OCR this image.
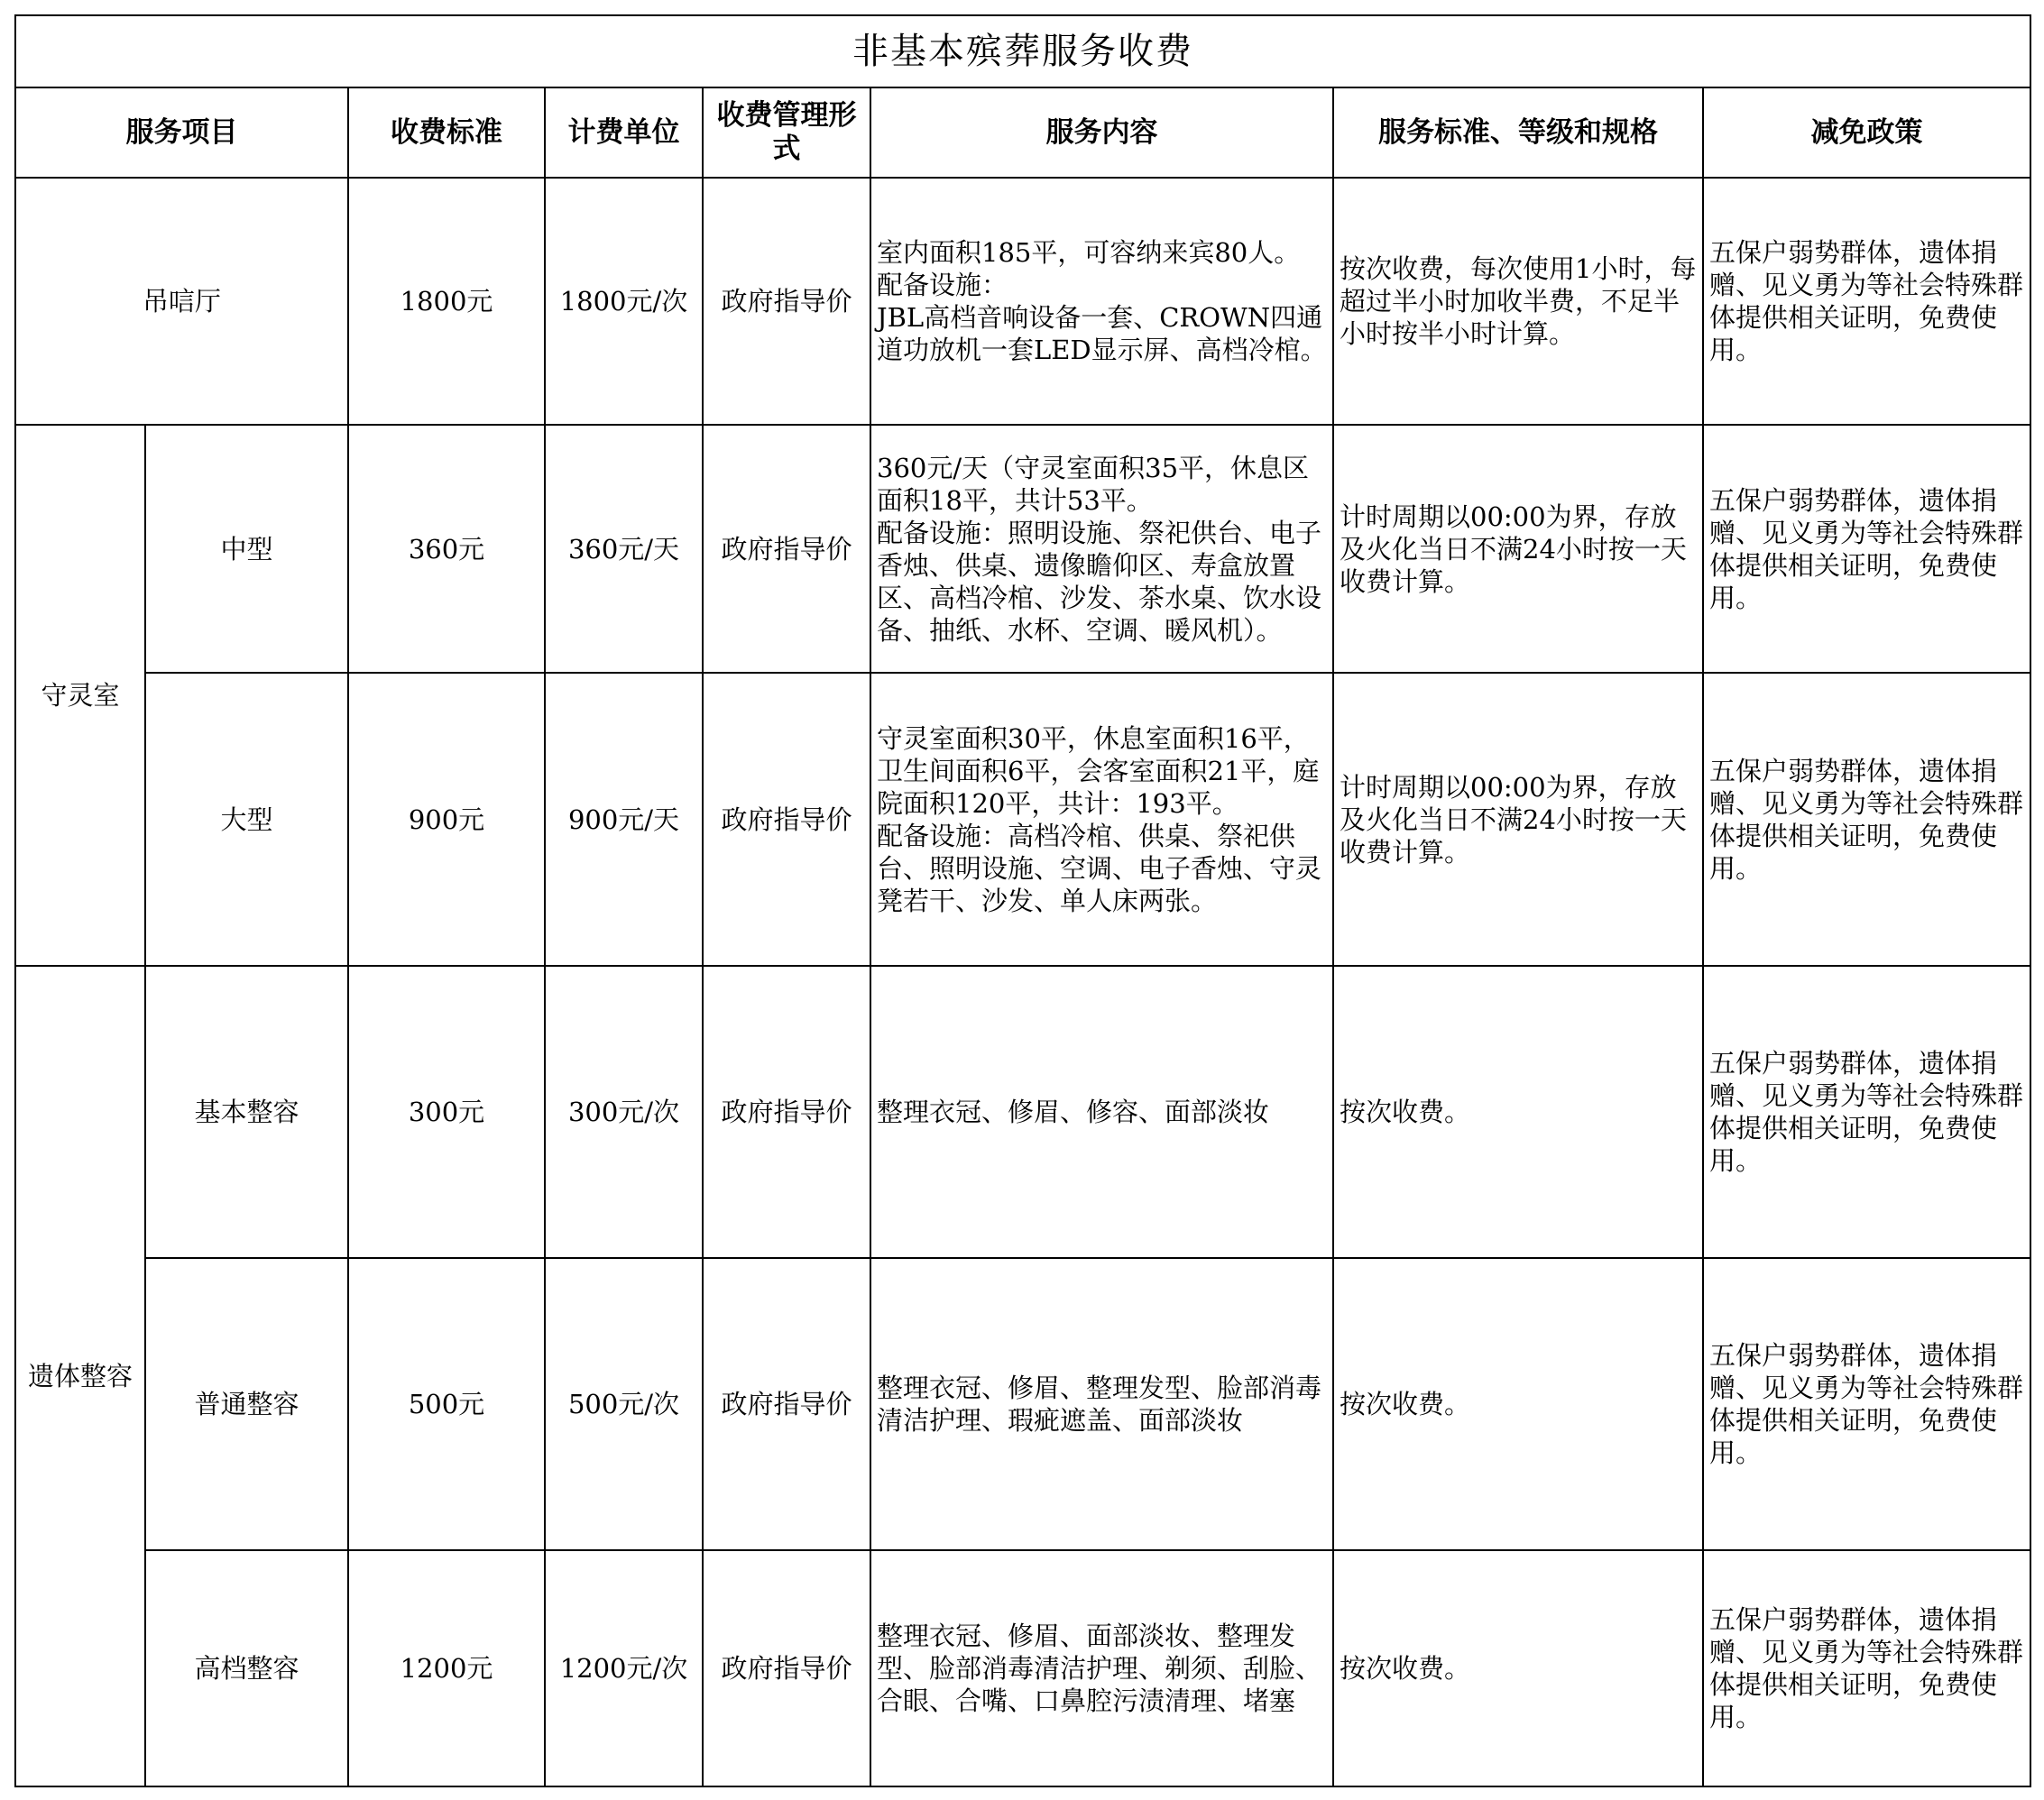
非基本殡葬服务收费							
服务项目		收费标准	计费单位	收费管理形式	服务内容	服务标准、等级和规格	减免政策
吊唁厅		1800元	1800元/次	政府指导价	室内面积185平，可容纳来宾80人。
配备设施：
JBL高档音响设备一套、CROWN四通道功放机一套LED显示屏、高档冷棺。	按次收费，每次使用1小时，每超过半小时加收半费，不足半小时按半小时计算。	五保户弱势群体，遗体捐赠、见义勇为等社会特殊群体提供相关证明，免费使用。
守灵室	中型	360元	360元/天	政府指导价	360元/天（守灵室面积35平，休息区面积18平，共计53平。
配备设施：照明设施、祭祀供台、电子香烛、供桌、遗像瞻仰区、寿盒放置区、高档冷棺、沙发、茶水桌、饮水设备、抽纸、水杯、空调、暖风机）。	计时周期以00:00为界，存放及火化当日不满24小时按一天收费计算。	五保户弱势群体，遗体捐赠、见义勇为等社会特殊群体提供相关证明，免费使用。
	大型	900元	900元/天	政府指导价	守灵室面积30平，休息室面积16平，卫生间面积6平，会客室面积21平，庭院面积120平，共计：193平。
配备设施：高档冷棺、供桌、祭祀供台、照明设施、空调、电子香烛、守灵凳若干、沙发、单人床两张。	计时周期以00:00为界，存放及火化当日不满24小时按一天收费计算。	五保户弱势群体，遗体捐赠、见义勇为等社会特殊群体提供相关证明，免费使用。
遗体整容	基本整容	300元	300元/次	政府指导价	整理衣冠、修眉、修容、面部淡妆	按次收费。	五保户弱势群体，遗体捐赠、见义勇为等社会特殊群体提供相关证明，免费使用。
	普通整容	500元	500元/次	政府指导价	整理衣冠、修眉、整理发型、脸部消毒清洁护理、瑕疵遮盖、面部淡妆	按次收费。	五保户弱势群体，遗体捐赠、见义勇为等社会特殊群体提供相关证明，免费使用。
	高档整容	1200元	1200元/次	政府指导价	整理衣冠、修眉、面部淡妆、整理发型、脸部消毒清洁护理、剃须、刮脸、合眼、合嘴、口鼻腔污渍清理、堵塞	按次收费。	五保户弱势群体，遗体捐赠、见义勇为等社会特殊群体提供相关证明，免费使用。
